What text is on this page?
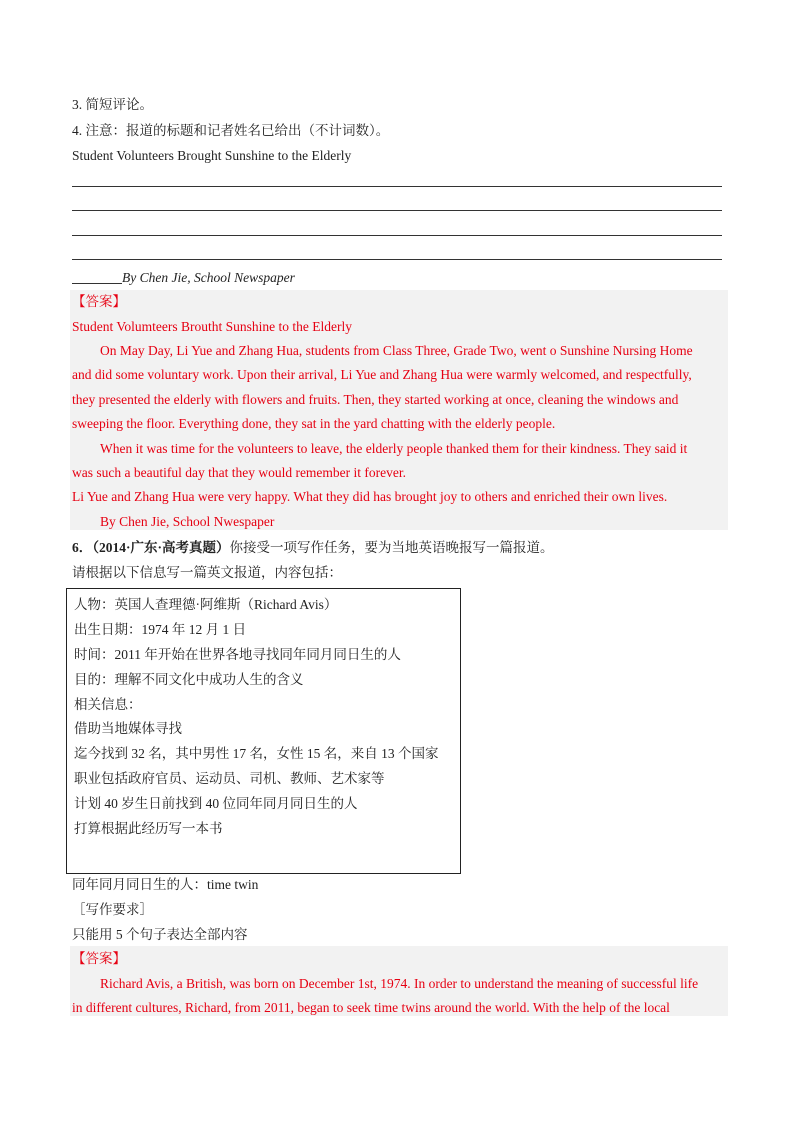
3. 简短评论。
4. 注意：报道的标题和记者姓名已给出（不计词数）。
Student Volunteers Brought Sunshine to the Elderly
By Chen Jie, School Newspaper
【答案】
Student Volumteers Broutht Sunshine to the Elderly
On May Day, Li Yue and Zhang Hua, students from Class Three, Grade Two, went o Sunshine Nursing Home
and did some voluntary work. Upon their arrival, Li Yue and Zhang Hua were warmly welcomed, and respectfully,
they presented the elderly with flowers and fruits. Then, they started working at once, cleaning the windows and
sweeping the floor. Everything done, they sat in the yard chatting with the elderly people.
When it was time for the volunteers to leave, the elderly people thanked them for their kindness. They said it
was such a beautiful day that they would remember it forever.
Li Yue and Zhang Hua were very happy. What they did has brought joy to others and enriched their own lives.
By Chen Jie, School Nwespaper
6．（2014·广东·高考真题）你接受一项写作任务，要为当地英语晚报写一篇报道。
请根据以下信息写一篇英文报道，内容包括：
人物：英国人查理德·阿维斯（Richard Avis）
出生日期：1974 年 12 月 1 日
时间：2011 年开始在世界各地寻找同年同月同日生的人
目的：理解不同文化中成功人生的含义
相关信息：
借助当地媒体寻找
迄今找到 32 名，其中男性 17 名，女性 15 名，来自 13 个国家
职业包括政府官员、运动员、司机、教师、艺术家等
计划 40 岁生日前找到 40 位同年同月同日生的人
打算根据此经历写一本书
同年同月同日生的人：time twin
［写作要求］
只能用 5 个句子表达全部内容
【答案】
Richard Avis, a British, was born on December 1st, 1974. In order to understand the meaning of successful life
in different cultures, Richard, from 2011, began to seek time twins around the world. With the help of the local
